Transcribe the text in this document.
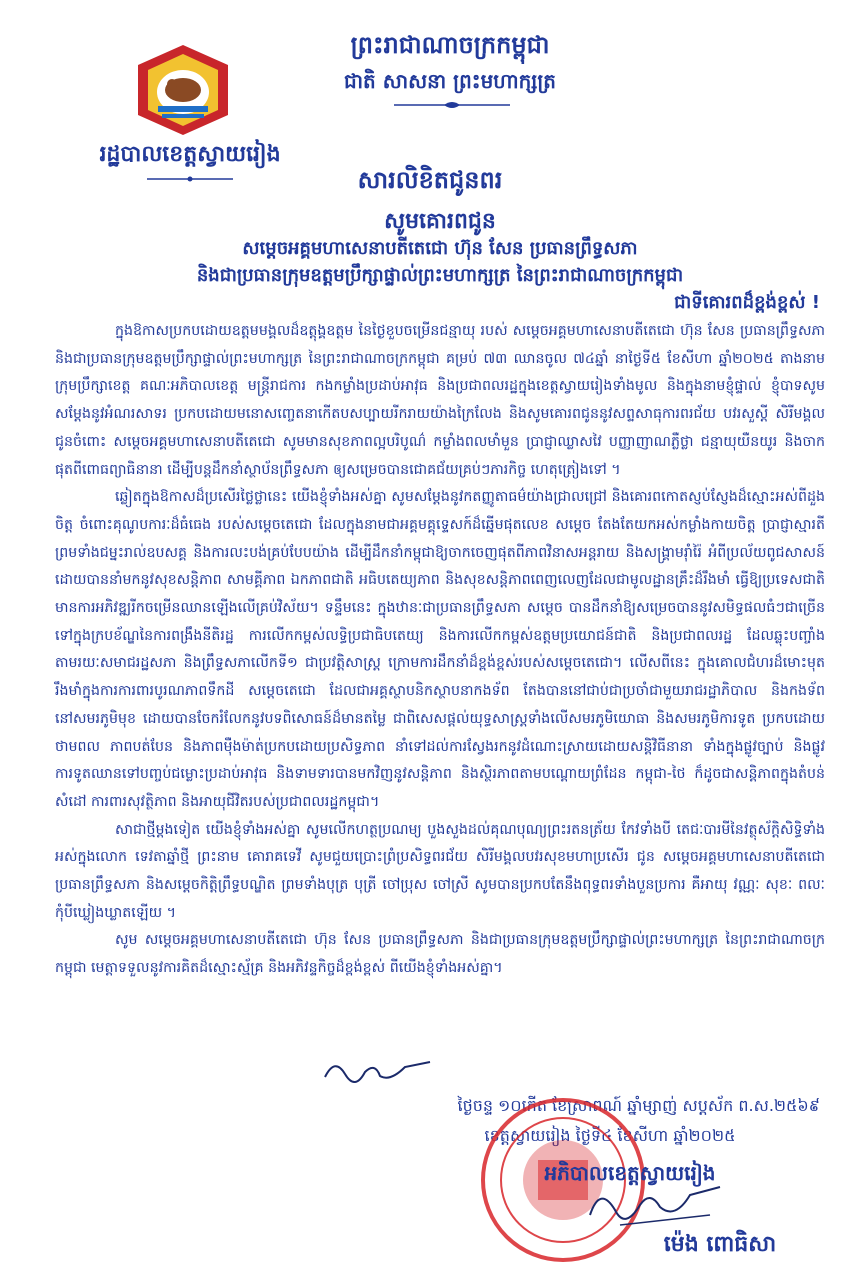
រដ្ឋបាលខេត្តស្វាយរៀង
ព្រះរាជាណាចក្រកម្ពុជា
ជាតិ សាសនា ព្រះមហាក្សត្រ
សារលិខិតជូនពរ
សូមគោរពជូន
សម្តេចអគ្គមហាសេនាបតីតេជោ ហ៊ុន សែន ប្រធានព្រឹទ្ធសភា
និងជាប្រធានក្រុមឧត្តមប្រឹក្សាផ្ទាល់ព្រះមហាក្សត្រ នៃព្រះរាជាណាចក្រកម្ពុជា
ជាទីគោរពដ៏ខ្ពង់ខ្ពស់ !

ក្នុងឱកាសប្រកបដោយឧត្តមមង្គលដ៏ឧត្តុង្គឧត្តម នៃថ្ងៃខួបចម្រើនជន្មាយុ របស់ សម្តេចអគ្គមហាសេនាបតីតេជោ ហ៊ុន សែន ប្រធានព្រឹទ្ធសភា និងជាប្រធានក្រុមឧត្តមប្រឹក្សាផ្ទាល់ព្រះមហាក្សត្រ នៃព្រះរាជាណាចក្រកម្ពុជា គម្រប់ ៧៣ ឈានចូល ៧៤ឆ្នាំ នាថ្ងៃទី៥ ខែសីហា ឆ្នាំ២០២៥ តាងនាមក្រុមប្រឹក្សាខេត្ត គណៈអភិបាលខេត្ត មន្ត្រីរាជការ កងកម្លាំងប្រដាប់អាវុធ និងប្រជាពលរដ្ឋក្នុងខេត្តស្វាយរៀងទាំងមូល និងក្នុងនាមខ្ញុំផ្ទាល់ ខ្ញុំបាទសូមសម្តែងនូវអំណរសាទរ ប្រកបដោយមនោសញ្ចេតនាកើតបសប្បាយរីករាយយ៉ាងក្រៃលែង និងសូមគោរពជូននូវសព្ទសាធុការពរជ័យ បវរសួស្តី សិរីមង្គល ជូនចំពោះ សម្តេចអគ្គមហាសេនាបតីតេជោ សូមមានសុខភាពល្អបរិបូណ៌ កម្លាំងពលមាំមួន ប្រាជ្ញាឈ្លាសវៃ បញ្ញាញាណភ្លឺថ្លា ជន្មាយុយឺនយូរ និងចាកផុតពីពោធព្យាធិនានា ដើម្បីបន្តដឹកនាំស្ថាប័នព្រឹទ្ធសភា ឲ្យសម្រេចបានជោគជ័យគ្រប់ៗភារកិច្ច ហេតុត្រៀងទៅ ។

ឆ្លៀតក្នុងឱកាសដ៏ប្រសើរថ្លៃថ្លានេះ យើងខ្ញុំទាំងអស់គ្នា សូមសម្តែងនូវកតញ្ញូតាធម៌យ៉ាងជ្រាលជ្រៅ និងគោរពកោតស្ញប់ស្ញែងដ៏ស្មោះអស់ពីដួងចិត្ត ចំពោះគុណូបការៈដ៏ធំធេង របស់សម្តេចតេជោ ដែលក្នុងនាមជាអគ្គមគ្គុទ្ទេសក៍ដ៏ឆ្នើមផុតលេខ សម្តេច តែងតែយកអស់កម្លាំងកាយចិត្ត ប្រាជ្ញាស្មារតី ព្រមទាំងជម្នះរាល់ឧបសគ្គ និងការលះបង់គ្រប់បែបយ៉ាង ដើម្បីដឹកនាំកម្ពុជាឱ្យចាកចេញផុតពីភាពវិនាសអន្តរាយ និងសង្គ្រាមរ៉ាំរ៉ៃ អំពីប្រល័យពូជសាសន៍ ដោយបាននាំមកនូវសុខសន្តិភាព សាមគ្គីភាព ឯកភាពជាតិ អធិបតេយ្យភាព និងសុខសន្តិភាពពេញលេញដែលជាមូលដ្ឋានគ្រឹះដ៏រឹងមាំ ធ្វើឱ្យប្រទេសជាតិ មានការអភិវឌ្ឍរីកចម្រើនឈានឡើងលើគ្រប់វិស័យ។ ទន្ទឹមនេះ ក្នុងឋានៈជាប្រធានព្រឹទ្ធសភា សម្តេច បានដឹកនាំឱ្យសម្រេចបាននូវសមិទ្ធផលធំៗជាច្រើនទៅក្នុងក្របខ័ណ្ឌនៃការពង្រឹងនីតិរដ្ឋ ការលើកកម្ពស់លទ្ធិប្រជាធិបតេយ្យ និងការលើកកម្ពស់ឧត្តមប្រយោជន៍ជាតិ និងប្រជាពលរដ្ឋ ដែលឆ្លុះបញ្ចាំងតាមរយៈសមាជរដ្ឋសភា និងព្រឹទ្ធសភាលើកទី១ ជាប្រវត្តិសាស្ត្រ ក្រោមការដឹកនាំដ៏ខ្ពង់ខ្ពស់របស់សម្តេចតេជោ។ លើសពីនេះ ក្នុងគោលជំហរដ៏មោះមុតរឹងមាំក្នុងការការពារបូរណភាពទឹកដី សម្តេចតេជោ ដែលជាអគ្គស្ថាបនិកស្ថាបនាកងទ័ព តែងបាននៅជាប់ជាប្រចាំជាមួយរាជរដ្ឋាភិបាល និងកងទ័ពនៅសមរភូមិមុខ ដោយបានចែករំលែកនូវបទពិសោធន៍ដ៏មានតម្លៃ ជាពិសេសផ្តល់យុទ្ធសាស្ត្រទាំងលើសមរភូមិយោធា និងសមរភូមិការទូត ប្រកបដោយថាមពល ភាពបត់បែន និងភាពម៉ឺងម៉ាត់ប្រកបដោយប្រសិទ្ធភាព នាំទៅដល់ការស្វែងរកនូវដំណោះស្រាយដោយសន្តិវិធីនានា ទាំងក្នុងផ្លូវច្បាប់ និងផ្លូវការទូតឈានទៅបញ្ចប់ជម្លោះប្រដាប់អាវុធ និងទាមទារបានមកវិញនូវសន្តិភាព និងស្ថិរភាពតាមបណ្តោយព្រំដែន កម្ពុជា-ថៃ ក៏ដូចជាសន្តិភាពក្នុងតំបន់សំដៅ ការពារសុវត្ថិភាព និងអាយុជីវិតរបស់ប្រជាពលរដ្ឋកម្ពុជា។

សាជាថ្មីម្តងទៀត យើងខ្ញុំទាំងអស់គ្នា សូមលើកហត្ថប្រណម្យ បួងសួងដល់គុណបុណ្យព្រះរតនត្រ័យ កែវទាំងបី តេជៈបារមីនៃវត្ថុស័ក្តិសិទ្ធិទាំងអស់ក្នុងលោក ទេវតាឆ្នាំថ្មី ព្រះនាម គោរាគទេវី សូមជួយប្រោះព្រំប្រសិទ្ធពរជ័យ សិរីមង្គលបវរសុខមហាប្រសើរ ជូន សម្តេចអគ្គមហាសេនាបតីតេជោ ប្រធានព្រឹទ្ធសភា និងសម្តេចកិត្តិព្រឹទ្ធបណ្ឌិត ព្រមទាំងបុត្រ បុត្រី ចៅប្រុស ចៅស្រី សូមបានប្រកបតែនឹងពុទ្ធពរទាំងបួនប្រការ គឺអាយុ វណ្ណៈ សុខៈ ពលៈ កុំបីឃ្លៀងឃ្លាតឡើយ ។

សូម សម្តេចអគ្គមហាសេនាបតីតេជោ ហ៊ុន សែន ប្រធានព្រឹទ្ធសភា និងជាប្រធានក្រុមឧត្តមប្រឹក្សាផ្ទាល់ព្រះមហាក្សត្រ នៃព្រះរាជាណាចក្រកម្ពុជា មេត្តាទទួលនូវការគិតដ៏ស្មោះស្ម័គ្រ និងអភិវន្ទកិច្ចដ៏ខ្ពង់ខ្ពស់ ពីយើងខ្ញុំទាំងអស់គ្នា។

ថ្ងៃចន្ទ ១០កើត ខែស្រាពណ៍ ឆ្នាំម្សាញ់ សប្តស័ក ព.ស.២៥៦៩
ខេត្តស្វាយរៀង ថ្ងៃទី៤ ខែសីហា ឆ្នាំ២០២៥
អភិបាលខេត្តស្វាយរៀង
ម៉េង ពោធិសា
